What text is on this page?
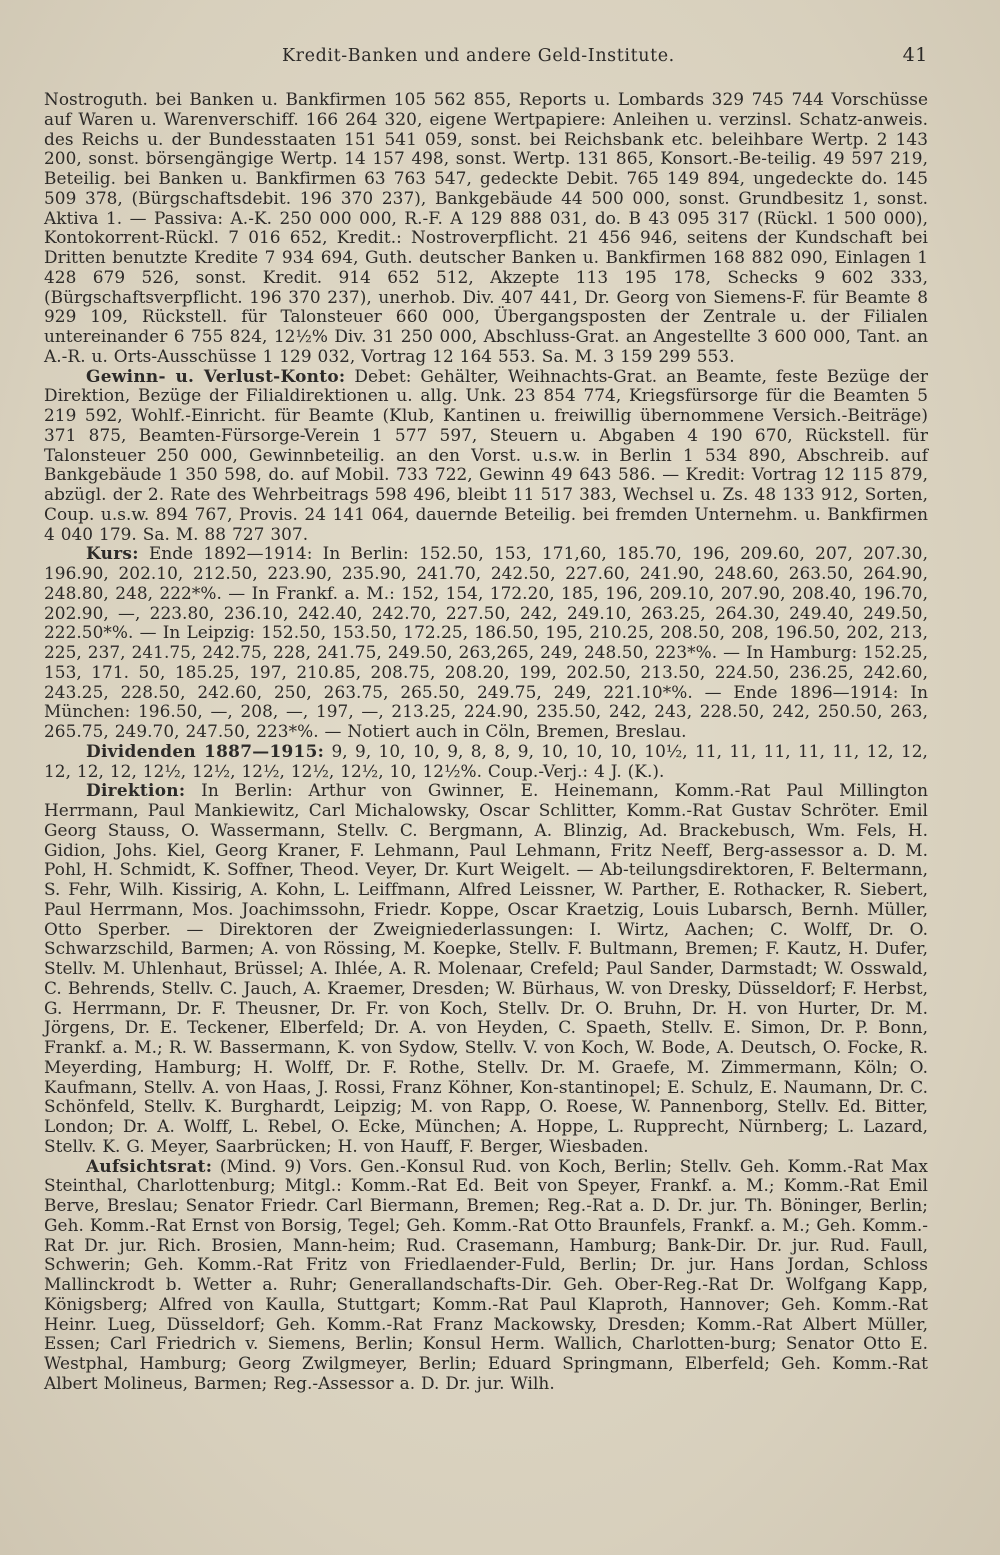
Kredit-Banken und andere Geld-Institute.	41

Nostroguth. bei Banken u. Bankfirmen 105 562 855, Reports u. Lombards 329 745 744 Vorschüsse auf Waren u. Warenverschiff. 166 264 320, eigene Wertpapiere: Anleihen u. verzinsl. Schatz-anweis. des Reichs u. der Bundesstaaten 151 541 059, sonst. bei Reichsbank etc. beleihbare Wertp. 2 143 200, sonst. börsengängige Wertp. 14 157 498, sonst. Wertp. 131 865, Konsort.-Be-teilig. 49 597 219, Beteilig. bei Banken u. Bankfirmen 63 763 547, gedeckte Debit. 765 149 894, ungedeckte do. 145 509 378, (Bürgschaftsdebit. 196 370 237), Bankgebäude 44 500 000, sonst. Grundbesitz 1, sonst. Aktiva 1. — Passiva: A.-K. 250 000 000, R.-F. A 129 888 031, do. B 43 095 317 (Rückl. 1 500 000), Kontokorrent-Rückl. 7 016 652, Kredit.: Nostroverpflicht. 21 456 946, seitens der Kundschaft bei Dritten benutzte Kredite 7 934 694, Guth. deutscher Banken u. Bankfirmen 168 882 090, Einlagen 1 428 679 526, sonst. Kredit. 914 652 512, Akzepte 113 195 178, Schecks 9 602 333, (Bürgschaftsverpflicht. 196 370 237), unerhob. Div. 407 441, Dr. Georg von Siemens-F. für Beamte 8 929 109, Rückstell. für Talonsteuer 660 000, Übergangsposten der Zentrale u. der Filialen untereinander 6 755 824, 12½% Div. 31 250 000, Abschluss-Grat. an Angestellte 3 600 000, Tant. an A.-R. u. Orts-Ausschüsse 1 129 032, Vortrag 12 164 553. Sa. M. 3 159 299 553.

Gewinn- u. Verlust-Konto: Debet: Gehälter, Weihnachts-Grat. an Beamte, feste Bezüge der Direktion, Bezüge der Filialdirektionen u. allg. Unk. 23 854 774, Kriegsfürsorge für die Beamten 5 219 592, Wohlf.-Einricht. für Beamte (Klub, Kantinen u. freiwillig übernommene Versich.-Beiträge) 371 875, Beamten-Fürsorge-Verein 1 577 597, Steuern u. Abgaben 4 190 670, Rückstell. für Talonsteuer 250 000, Gewinnbeteilig. an den Vorst. u.s.w. in Berlin 1 534 890, Abschreib. auf Bankgebäude 1 350 598, do. auf Mobil. 733 722, Gewinn 49 643 586. — Kredit: Vortrag 12 115 879, abzügl. der 2. Rate des Wehrbeitrags 598 496, bleibt 11 517 383, Wechsel u. Zs. 48 133 912, Sorten, Coup. u.s.w. 894 767, Provis. 24 141 064, dauernde Beteilig. bei fremden Unternehm. u. Bankfirmen 4 040 179. Sa. M. 88 727 307.

Kurs: Ende 1892—1914: In Berlin: 152.50, 153, 171,60, 185.70, 196, 209.60, 207, 207.30, 196.90, 202.10, 212.50, 223.90, 235.90, 241.70, 242.50, 227.60, 241.90, 248.60, 263.50, 264.90, 248.80, 248, 222*%. — In Frankf. a. M.: 152, 154, 172.20, 185, 196, 209.10, 207.90, 208.40, 196.70, 202.90, —, 223.80, 236.10, 242.40, 242.70, 227.50, 242, 249.10, 263.25, 264.30, 249.40, 249.50, 222.50*%. — In Leipzig: 152.50, 153.50, 172.25, 186.50, 195, 210.25, 208.50, 208, 196.50, 202, 213, 225, 237, 241.75, 242.75, 228, 241.75, 249.50, 263,265, 249, 248.50, 223*%. — In Hamburg: 152.25, 153, 171. 50, 185.25, 197, 210.85, 208.75, 208.20, 199, 202.50, 213.50, 224.50, 236.25, 242.60, 243.25, 228.50, 242.60, 250, 263.75, 265.50, 249.75, 249, 221.10*%. — Ende 1896—1914: In München: 196.50, —, 208, —, 197, —, 213.25, 224.90, 235.50, 242, 243, 228.50, 242, 250.50, 263, 265.75, 249.70, 247.50, 223*%. — Notiert auch in Cöln, Bremen, Breslau.

Dividenden 1887—1915: 9, 9, 10, 10, 9, 8, 8, 9, 10, 10, 10, 10½, 11, 11, 11, 11, 11, 12, 12, 12, 12, 12, 12½, 12½, 12½, 12½, 12½, 10, 12½%. Coup.-Verj.: 4 J. (K.).

Direktion: In Berlin: Arthur von Gwinner, E. Heinemann, Komm.-Rat Paul Millington Herrmann, Paul Mankiewitz, Carl Michalowsky, Oscar Schlitter, Komm.-Rat Gustav Schröter. Emil Georg Stauss, O. Wassermann, Stellv. C. Bergmann, A. Blinzig, Ad. Brackebusch, Wm. Fels, H. Gidion, Johs. Kiel, Georg Kraner, F. Lehmann, Paul Lehmann, Fritz Neeff, Berg-assessor a. D. M. Pohl, H. Schmidt, K. Soffner, Theod. Veyer, Dr. Kurt Weigelt. — Ab-teilungsdirektoren, F. Beltermann, S. Fehr, Wilh. Kissirig, A. Kohn, L. Leiffmann, Alfred Leissner, W. Parther, E. Rothacker, R. Siebert, Paul Herrmann, Mos. Joachimssohn, Friedr. Koppe, Oscar Kraetzig, Louis Lubarsch, Bernh. Müller, Otto Sperber. — Direktoren der Zweigniederlassungen: I. Wirtz, Aachen; C. Wolff, Dr. O. Schwarzschild, Barmen; A. von Rössing, M. Koepke, Stellv. F. Bultmann, Bremen; F. Kautz, H. Dufer, Stellv. M. Uhlenhaut, Brüssel; A. Ihlée, A. R. Molenaar, Crefeld; Paul Sander, Darmstadt; W. Osswald, C. Behrends, Stellv. C. Jauch, A. Kraemer, Dresden; W. Bürhaus, W. von Dresky, Düsseldorf; F. Herbst, G. Herrmann, Dr. F. Theusner, Dr. Fr. von Koch, Stellv. Dr. O. Bruhn, Dr. H. von Hurter, Dr. M. Jörgens, Dr. E. Teckener, Elberfeld; Dr. A. von Heyden, C. Spaeth, Stellv. E. Simon, Dr. P. Bonn, Frankf. a. M.; R. W. Bassermann, K. von Sydow, Stellv. V. von Koch, W. Bode, A. Deutsch, O. Focke, R. Meyerding, Hamburg; H. Wolff, Dr. F. Rothe, Stellv. Dr. M. Graefe, M. Zimmermann, Köln; O. Kaufmann, Stellv. A. von Haas, J. Rossi, Franz Köhner, Kon-stantinopel; E. Schulz, E. Naumann, Dr. C. Schönfeld, Stellv. K. Burghardt, Leipzig; M. von Rapp, O. Roese, W. Pannenborg, Stellv. Ed. Bitter, London; Dr. A. Wolff, L. Rebel, O. Ecke, München; A. Hoppe, L. Rupprecht, Nürnberg; L. Lazard, Stellv. K. G. Meyer, Saarbrücken; H. von Hauff, F. Berger, Wiesbaden.

Aufsichtsrat: (Mind. 9) Vors. Gen.-Konsul Rud. von Koch, Berlin; Stellv. Geh. Komm.-Rat Max Steinthal, Charlottenburg; Mitgl.: Komm.-Rat Ed. Beit von Speyer, Frankf. a. M.; Komm.-Rat Emil Berve, Breslau; Senator Friedr. Carl Biermann, Bremen; Reg.-Rat a. D. Dr. jur. Th. Böninger, Berlin; Geh. Komm.-Rat Ernst von Borsig, Tegel; Geh. Komm.-Rat Otto Braunfels, Frankf. a. M.; Geh. Komm.-Rat Dr. jur. Rich. Brosien, Mann-heim; Rud. Crasemann, Hamburg; Bank-Dir. Dr. jur. Rud. Faull, Schwerin; Geh. Komm.-Rat Fritz von Friedlaender-Fuld, Berlin; Dr. jur. Hans Jordan, Schloss Mallinckrodt b. Wetter a. Ruhr; Generallandschafts-Dir. Geh. Ober-Reg.-Rat Dr. Wolfgang Kapp, Königsberg; Alfred von Kaulla, Stuttgart; Komm.-Rat Paul Klaproth, Hannover; Geh. Komm.-Rat Heinr. Lueg, Düsseldorf; Geh. Komm.-Rat Franz Mackowsky, Dresden; Komm.-Rat Albert Müller, Essen; Carl Friedrich v. Siemens, Berlin; Konsul Herm. Wallich, Charlotten-burg; Senator Otto E. Westphal, Hamburg; Georg Zwilgmeyer, Berlin; Eduard Springmann, Elberfeld; Geh. Komm.-Rat Albert Molineus, Barmen; Reg.-Assessor a. D. Dr. jur. Wilh.
